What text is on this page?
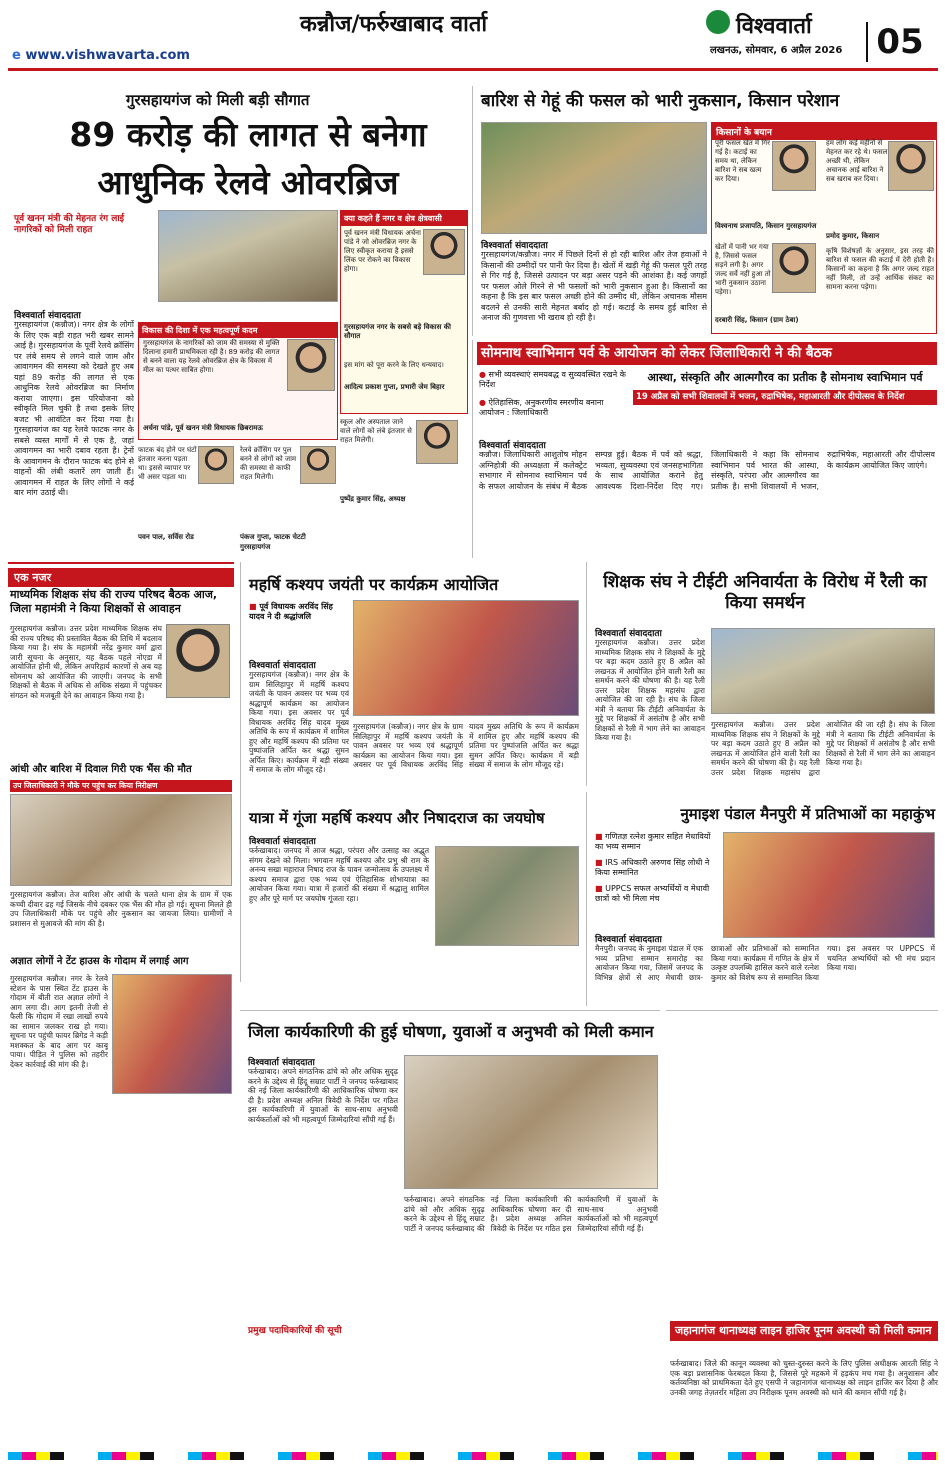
कन्नौज/फर्रुखाबाद वार्ता
e www.vishwavarta.com
विश्ववार्ता
लखनऊ, सोमवार, 6 अप्रैल 2026 05
गुरसहायगंज को मिली बड़ी सौगात
89 करोड़ की लागत से बनेगा
आधुनिक रेलवे ओवरब्रिज
पूर्व खनन मंत्री की मेहनत रंग लाई नागरिकों को मिली राहत
क्या कहते हैं नगर व क्षेत्र क्षेत्रवासी
पूर्व खनन मंत्री विधायक अर्चना पांडे ने जो ओवरब्रिज नगर के लिए स्वीकृत कराया है इससे लिंक पर रोकने का विकास होगा।
गुरसहायगंज नगर के सबसे बड़े विकास की सौगात
इस मांग को पूरा करने के लिए धन्यवाद।
आदित्य प्रकाश गुप्ता, प्रभारी जेम बिहार
विश्ववार्ता संवाददाता
गुरसहायगंज (कन्नौज)। नगर क्षेत्र के लोगों के लिए एक बड़ी राहत भरी खबर सामने आई है। गुरसहायगंज के पूर्वी रेलवे क्रॉसिंग पर लंबे समय से लगने वाले जाम और आवागमन की समस्या को देखते हुए अब यहां 89 करोड़ की लागत से एक आधुनिक रेलवे ओवरब्रिज का निर्माण कराया जाएगा। इस परियोजना को स्वीकृति मिल चुकी है तथा इसके लिए बजट भी आवंटित कर दिया गया है। गुरसहायगंज का यह रेलवे फाटक नगर के सबसे व्यस्त मार्गों में से एक है, जहां आवागमन का भारी दबाव रहता है। ट्रेनों के आवागमन के दौरान फाटक बंद होने से वाहनों की लंबी कतारें लग जाती हैं। आवागमन में राहत के लिए लोगों ने कई बार मांग उठाई थी।
विकास की दिशा में एक महत्वपूर्ण कदम
गुरसहायगंज के नागरिकों को जाम की समस्या से मुक्ति दिलाना हमारी प्राथमिकता रही है। 89 करोड़ की लागत से बनने वाला यह रेलवे ओवरब्रिज क्षेत्र के विकास में मील का पत्थर साबित होगा।
अर्चना पांडे, पूर्व खनन मंत्री विधायक छिबरामऊ
स्कूल और अस्पताल जाने वाले लोगों को लंबे इंतजार से राहत मिलेगी।
पुष्पेंद्र कुमार सिंह, अध्यक्ष
फाटक बंद होने पर घंटों इंतजार करना पड़ता था। इससे व्यापार पर भी असर पड़ता था।
पवन पाल, सर्विस रोड
रेलवे क्रॉसिंग पर पुल बनने से लोगों को जाम की समस्या से काफी राहत मिलेगी।
पंकज गुप्ता, फाटक चेटटी गुरसहायगंज
बारिश से गेहूं की फसल को भारी नुकसान, किसान परेशान
विश्ववार्ता संवाददाता
गुरसहायगंज/कन्नौज। नगर में पिछले दिनों से हो रही बारिश और तेज हवाओं ने किसानों की उम्मीदों पर पानी फेर दिया है। खेतों में खड़ी गेहूं की फसल पूरी तरह से गिर गई है, जिससे उत्पादन पर बड़ा असर पड़ने की आशंका है। कई जगहों पर फसल ओले गिरने से भी फसलों को भारी नुकसान हुआ है। किसानों का कहना है कि इस बार फसल अच्छी होने की उम्मीद थी, लेकिन अचानक मौसम बदलने से उनकी सारी मेहनत बर्बाद हो गई। कटाई के समय हुई बारिश से अनाज की गुणवत्ता भी खराब हो रही है।
किसानों के बयान
पूरी फसल खेत में गिर गई है। कटाई का समय था, लेकिन बारिश ने सब खत्म कर दिया।
विश्वनाथ प्रजापति, किसान गुरसहायगंज
हम लोग कई महीनों से मेहनत कर रहे थे। फसल अच्छी थी, लेकिन अचानक आई बारिश ने सब खराब कर दिया।
प्रमोद कुमार, किसान
खेतों में पानी भर गया है, जिससे फसल सड़ने लगी है। अगर जल्द सर्वे नहीं हुआ तो भारी नुकसान उठाना पड़ेगा।
दरबारी सिंह, किसान (ग्राम ठेबा)
कृषि विशेषज्ञों के अनुसार, इस तरह की बारिश से फसल की कटाई में देरी होती है। किसानों का कहना है कि अगर जल्द राहत नहीं मिली, तो उन्हें आर्थिक संकट का सामना करना पड़ेगा।
सोमनाथ स्वाभिमान पर्व के आयोजन को लेकर जिलाधिकारी ने की बैठक
● सभी व्यवस्थाएं समयबद्ध व सुव्यवस्थित रखने के निर्देश
● ऐतिहासिक, अनुकरणीय स्मरणीय बनाना आयोजन : जिलाधिकारी
आस्था, संस्कृति और आत्मगौरव का प्रतीक है सोमनाथ स्वाभिमान पर्व
19 अप्रैल को सभी शिवालयों में भजन, रुद्राभिषेक, महाआरती और दीपोत्सव के निर्देश
विश्ववार्ता संवाददाता
कन्नौज। जिलाधिकारी आशुतोष मोहन अग्निहोत्री की अध्यक्षता में कलेक्ट्रेट सभागार में सोमनाथ स्वाभिमान पर्व के सफल आयोजन के संबंध में बैठक सम्पन्न हुई। बैठक में पर्व को श्रद्धा, भव्यता, सुव्यवस्था एवं जनसहभागिता के साथ आयोजित कराने हेतु आवश्यक दिशा-निर्देश दिए गए। जिलाधिकारी ने कहा कि सोमनाथ स्वाभिमान पर्व भारत की आस्था, संस्कृति, परंपरा और आत्मगौरव का प्रतीक है। सभी शिवालयों में भजन, रुद्राभिषेक, महाआरती और दीपोत्सव के कार्यक्रम आयोजित किए जाएंगे।
एक नजर
माध्यमिक शिक्षक संघ की राज्य परिषद बैठक आज, जिला महामंत्री ने किया शिक्षकों से आवाहन
गुरसहायगंज कन्नौज। उत्तर प्रदेश माध्यमिक शिक्षक संघ की राज्य परिषद की प्रस्तावित बैठक की तिथि में बदलाव किया गया है। संघ के महामंत्री नरेंद्र कुमार वर्मा द्वारा जारी सूचना के अनुसार, यह बैठक पहले नोएडा में आयोजित होनी थी, लेकिन अपरिहार्य कारणों से अब यह सोमनाथ को आयोजित की जाएगी। जनपद के सभी शिक्षकों से बैठक में अधिक से अधिक संख्या में पहुंचकर संगठन को मजबूती देने का आवाहन किया गया है।
आंधी और बारिश में दिवाल गिरी एक भैंस की मौत
उप जिलाधिकारी ने मौके पर पहुंच कर किया निरीक्षण
गुरसहायगंज कन्नौज। तेज बारिश और आंधी के चलते थाना क्षेत्र के ग्राम में एक कच्ची दीवार ढह गई जिसके नीचे दबकर एक भैंस की मौत हो गई। सूचना मिलते ही उप जिलाधिकारी मौके पर पहुंचे और नुकसान का जायजा लिया। ग्रामीणों ने प्रशासन से मुआवजे की मांग की है।
अज्ञात लोगों ने टेंट हाउस के गोदाम में लगाई आग
गुरसहायगंज कन्नौज। नगर के रेलवे स्टेशन के पास स्थित टेंट हाउस के गोदाम में बीती रात अज्ञात लोगों ने आग लगा दी। आग इतनी तेजी से फैली कि गोदाम में रखा लाखों रुपये का सामान जलकर राख हो गया। सूचना पर पहुंची फायर ब्रिगेड ने कड़ी मशक्कत के बाद आग पर काबू पाया। पीड़ित ने पुलिस को तहरीर देकर कार्रवाई की मांग की है।
महर्षि कश्यप जयंती पर कार्यक्रम आयोजित
■ पूर्व विधायक अरविंद सिंह यादव ने दी श्रद्धांजलि
विश्ववार्ता संवाददाता
गुरसहायगंज (कन्नौज)। नगर क्षेत्र के ग्राम सिलिहापुर में महर्षि कश्यप जयंती के पावन अवसर पर भव्य एवं श्रद्धापूर्ण कार्यक्रम का आयोजन किया गया। इस अवसर पर पूर्व विधायक अरविंद सिंह यादव मुख्य अतिथि के रूप में कार्यक्रम में शामिल हुए और महर्षि कश्यप की प्रतिमा पर पुष्पांजलि अर्पित कर श्रद्धा सुमन अर्पित किए। कार्यक्रम में बड़ी संख्या में समाज के लोग मौजूद रहे।
गुरसहायगंज (कन्नौज)। नगर क्षेत्र के ग्राम सिलिहापुर में महर्षि कश्यप जयंती के पावन अवसर पर भव्य एवं श्रद्धापूर्ण कार्यक्रम का आयोजन किया गया। इस अवसर पर पूर्व विधायक अरविंद सिंह यादव मुख्य अतिथि के रूप में कार्यक्रम में शामिल हुए और महर्षि कश्यप की प्रतिमा पर पुष्पांजलि अर्पित कर श्रद्धा सुमन अर्पित किए। कार्यक्रम में बड़ी संख्या में समाज के लोग मौजूद रहे।
यात्रा में गूंजा महर्षि कश्यप और निषादराज का जयघोष
विश्ववार्ता संवाददाता
फर्रुखाबाद। जनपद में आज श्रद्धा, परंपरा और उत्साह का अद्भुत संगम देखने को मिला। भगवान महर्षि कश्यप और प्रभु श्री राम के अनन्य सखा महाराज निषाद राज के पावन जन्मोत्सव के उपलक्ष्य में कश्यप समाज द्वारा एक भव्य एवं ऐतिहासिक शोभायात्रा का आयोजन किया गया। यात्रा में हजारों की संख्या में श्रद्धालु शामिल हुए और पूरे मार्ग पर जयघोष गूंजता रहा।
शिक्षक संघ ने टीईटी अनिवार्यता के विरोध में रैली का किया समर्थन
विश्ववार्ता संवाददाता
गुरसहायगंज कन्नौज। उत्तर प्रदेश माध्यमिक शिक्षक संघ ने शिक्षकों के मुद्दे पर बड़ा कदम उठाते हुए 8 अप्रैल को लखनऊ में आयोजित होने वाली रैली का समर्थन करने की घोषणा की है। यह रैली उत्तर प्रदेश शिक्षक महासंघ द्वारा आयोजित की जा रही है। संघ के जिला मंत्री ने बताया कि टीईटी अनिवार्यता के मुद्दे पर शिक्षकों में असंतोष है और सभी शिक्षकों से रैली में भाग लेने का आवाहन किया गया है।
गुरसहायगंज कन्नौज। उत्तर प्रदेश माध्यमिक शिक्षक संघ ने शिक्षकों के मुद्दे पर बड़ा कदम उठाते हुए 8 अप्रैल को लखनऊ में आयोजित होने वाली रैली का समर्थन करने की घोषणा की है। यह रैली उत्तर प्रदेश शिक्षक महासंघ द्वारा आयोजित की जा रही है। संघ के जिला मंत्री ने बताया कि टीईटी अनिवार्यता के मुद्दे पर शिक्षकों में असंतोष है और सभी शिक्षकों से रैली में भाग लेने का आवाहन किया गया है।
नुमाइश पंडाल मैनपुरी में प्रतिभाओं का महाकुंभ
■ गणितज्ञ रत्नेश कुमार सहित मेधावियों का भव्य सम्मान
■ IRS अधिकारी अरुणव सिंह लोधी ने किया सम्मानित
■ UPPCS सफल अभ्यर्थियों व मेधावी छात्रों को भी मिला मंच
विश्ववार्ता संवाददाता
मैनपुरी। जनपद के नुमाइश पंडाल में एक भव्य प्रतिभा सम्मान समारोह का आयोजन किया गया, जिसमें जनपद के विभिन्न क्षेत्रों से आए मेधावी छात्र-छात्राओं और प्रतिभाओं को सम्मानित किया गया। कार्यक्रम में गणित के क्षेत्र में उत्कृष्ट उपलब्धि हासिल करने वाले रत्नेश कुमार को विशेष रूप से सम्मानित किया गया। इस अवसर पर UPPCS में चयनित अभ्यर्थियों को भी मंच प्रदान किया गया।
जिला कार्यकारिणी की हुई घोषणा, युवाओं व अनुभवी को मिली कमान
विश्ववार्ता संवाददाता
फर्रुखाबाद। अपने संगठनिक ढांचे को और अधिक सुदृढ़ करने के उद्देश्य से हिंदू सम्राट पार्टी ने जनपद फर्रुखाबाद की नई जिला कार्यकारिणी की आधिकारिक घोषणा कर दी है। प्रदेश अध्यक्ष अनिल त्रिवेदी के निर्देश पर गठित इस कार्यकारिणी में युवाओं के साथ-साथ अनुभवी कार्यकर्ताओं को भी महत्वपूर्ण जिम्मेदारियां सौंपी गई हैं।
फर्रुखाबाद। अपने संगठनिक ढांचे को और अधिक सुदृढ़ करने के उद्देश्य से हिंदू सम्राट पार्टी ने जनपद फर्रुखाबाद की नई जिला कार्यकारिणी की आधिकारिक घोषणा कर दी है। प्रदेश अध्यक्ष अनिल त्रिवेदी के निर्देश पर गठित इस कार्यकारिणी में युवाओं के साथ-साथ अनुभवी कार्यकर्ताओं को भी महत्वपूर्ण जिम्मेदारियां सौंपी गई हैं।
प्रमुख पदाधिकारियों की सूची	जहानागंज थानाध्यक्ष लाइन हाजिर पूनम अवस्थी को मिली कमान
फर्रुखाबाद। जिले की कानून व्यवस्था को चुस्त-दुरुस्त करने के लिए पुलिस अधीक्षक आरती सिंह ने एक बड़ा प्रशासनिक फेरबदल किया है, जिससे पूरे महकमे में हड़कंप मच गया है। अनुशासन और कर्तव्यनिष्ठा को प्राथमिकता देते हुए एसपी ने जहानागंज थानाध्यक्ष को लाइन हाजिर कर दिया है और उनकी जगह तेज़तर्रार महिला उप निरीक्षक पूनम अवस्थी को थाने की कमान सौंपी गई है।
